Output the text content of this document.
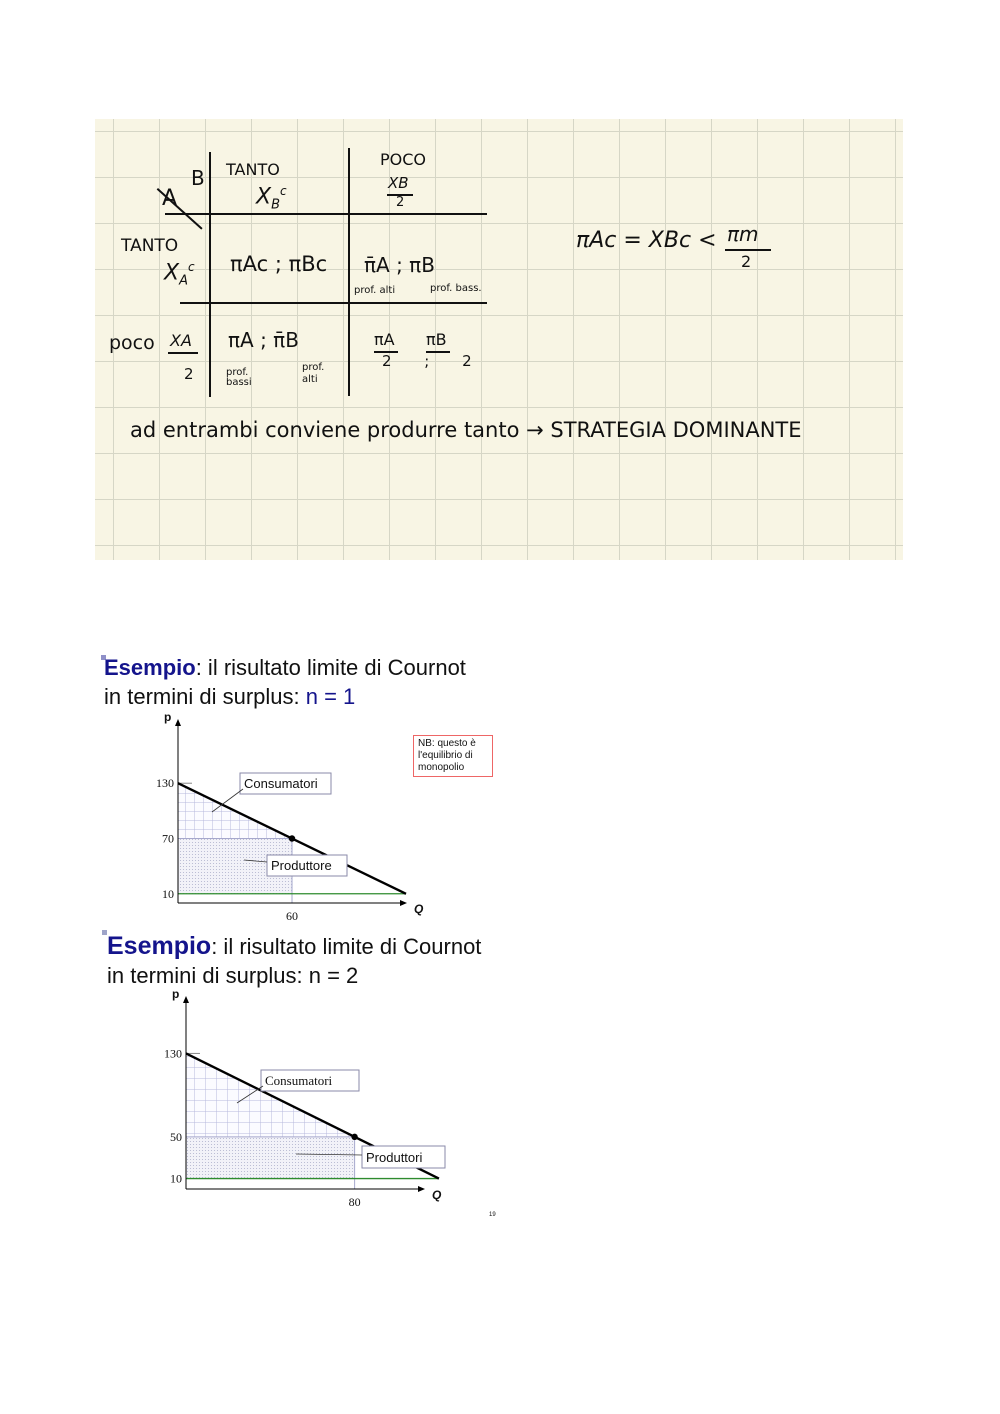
B
A
TANTO
$X_B^c$
POCO
XB
2
TANTO
$X_A^c$
poco XA
2
πAc ; πBc π̄A ; πB
prof. alti	prof. bass.
πA ; π̄B
prof. bassi
prof. alti
πA πB
2 ; 2
πAc = XBc < πm
2
ad entrambi conviene produrre tanto → STRATEGIA DOMINANTE
Esempio: il risultato limite di Cournot
in termini di surplus: n = 1
130
70
10
60
p
Q
Consumatori
Produttore
NB: questo è l'equilibrio di monopolio
Esempio: il risultato limite di Cournot
in termini di surplus: n = 2
130
50
10
80
p
Q
Consumatori
Produttori
19
